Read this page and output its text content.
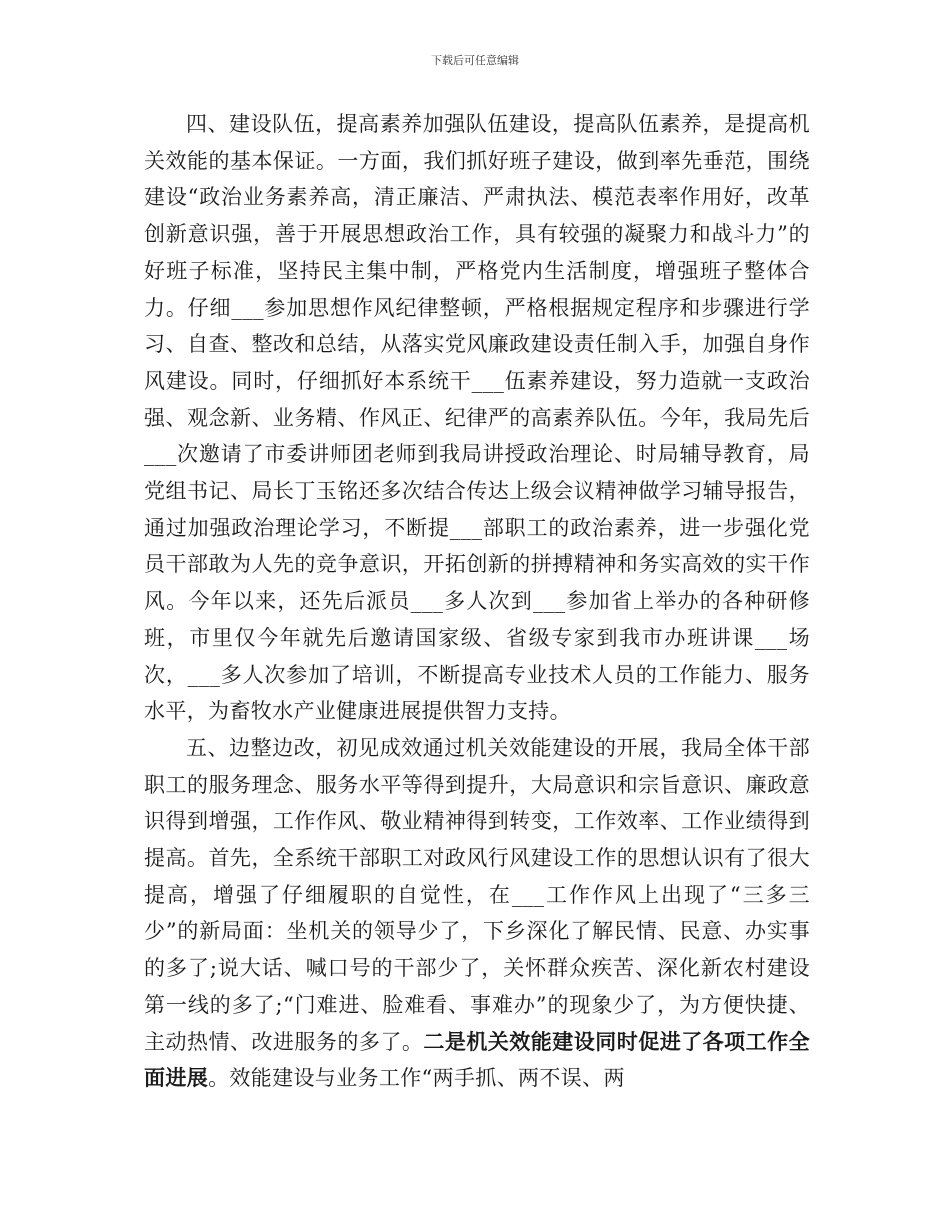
下载后可任意编辑

四、建设队伍，提高素养加强队伍建设，提高队伍素养，是提高机关效能的基本保证。一方面，我们抓好班子建设，做到率先垂范，围绕建设“政治业务素养高，清正廉洁、严肃执法、模范表率作用好，改革创新意识强，善于开展思想政治工作，具有较强的凝聚力和战斗力”的好班子标准，坚持民主集中制，严格党内生活制度，增强班子整体合力。仔细___参加思想作风纪律整顿，严格根据规定程序和步骤进行学习、自查、整改和总结，从落实党风廉政建设责任制入手，加强自身作风建设。同时，仔细抓好本系统干___伍素养建设，努力造就一支政治强、观念新、业务精、作风正、纪律严的高素养队伍。今年，我局先后___次邀请了市委讲师团老师到我局讲授政治理论、时局辅导教育，局党组书记、局长丁玉铭还多次结合传达上级会议精神做学习辅导报告，通过加强政治理论学习，不断提___部职工的政治素养，进一步强化党员干部敢为人先的竞争意识，开拓创新的拼搏精神和务实高效的实干作风。今年以来，还先后派员___多人次到___参加省上举办的各种研修班，市里仅今年就先后邀请国家级、省级专家到我市办班讲课___场次，___多人次参加了培训，不断提高专业技术人员的工作能力、服务水平，为畜牧水产业健康进展提供智力支持。

五、边整边改，初见成效通过机关效能建设的开展，我局全体干部职工的服务理念、服务水平等得到提升，大局意识和宗旨意识、廉政意识得到增强，工作作风、敬业精神得到转变，工作效率、工作业绩得到提高。首先，全系统干部职工对政风行风建设工作的思想认识有了很大提高，增强了仔细履职的自觉性，在___工作作风上出现了“三多三少”的新局面：坐机关的领导少了，下乡深化了解民情、民意、办实事的多了;说大话、喊口号的干部少了，关怀群众疾苦、深化新农村建设第一线的多了;“门难进、脸难看、事难办”的现象少了，为方便快捷、主动热情、改进服务的多了。二是机关效能建设同时促进了各项工作全面进展。效能建设与业务工作“两手抓、两不误、两
